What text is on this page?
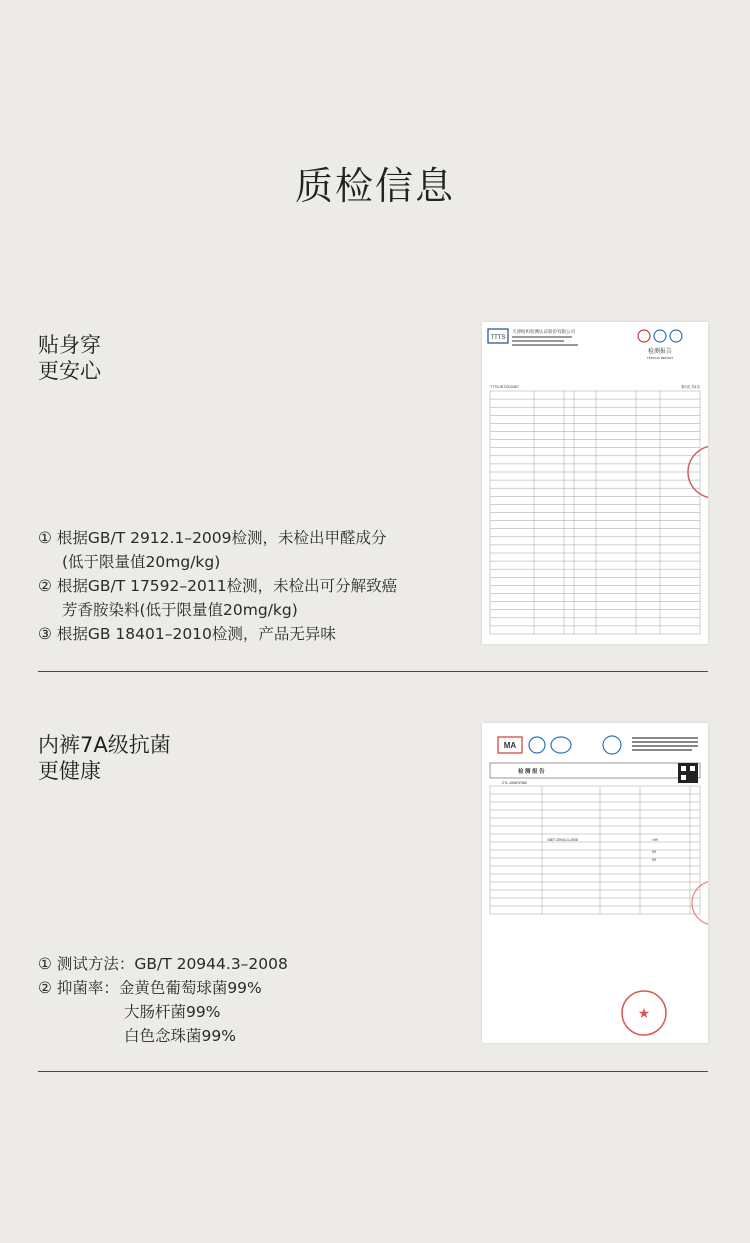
质检信息
贴身穿
更安心
① 根据GB/T 2912.1–2009检测，未检出甲醛成分
(低于限量值20mg/kg)
② 根据GB/T 17592–2011检测，未检出可分解致癌
芳香胺染料(低于限量值20mg/kg)
③ 根据GB 18401–2010检测，产品无异味
TTTS
天津纺织检测认证股份有限公司
检测报告
TESTING REPORT
TTTS-W72310367	第2页 共4页
内裤7A级抗菌
更健康
① 测试方法：GB/T 20944.3–2008
② 抑菌率：金黄色葡萄球菌99%
大肠杆菌99%
白色念珠菌99%
MA
检 测 报 告
ZTL-J6WH2366
GB/T 20944.3-2008	>99
99
99
★
